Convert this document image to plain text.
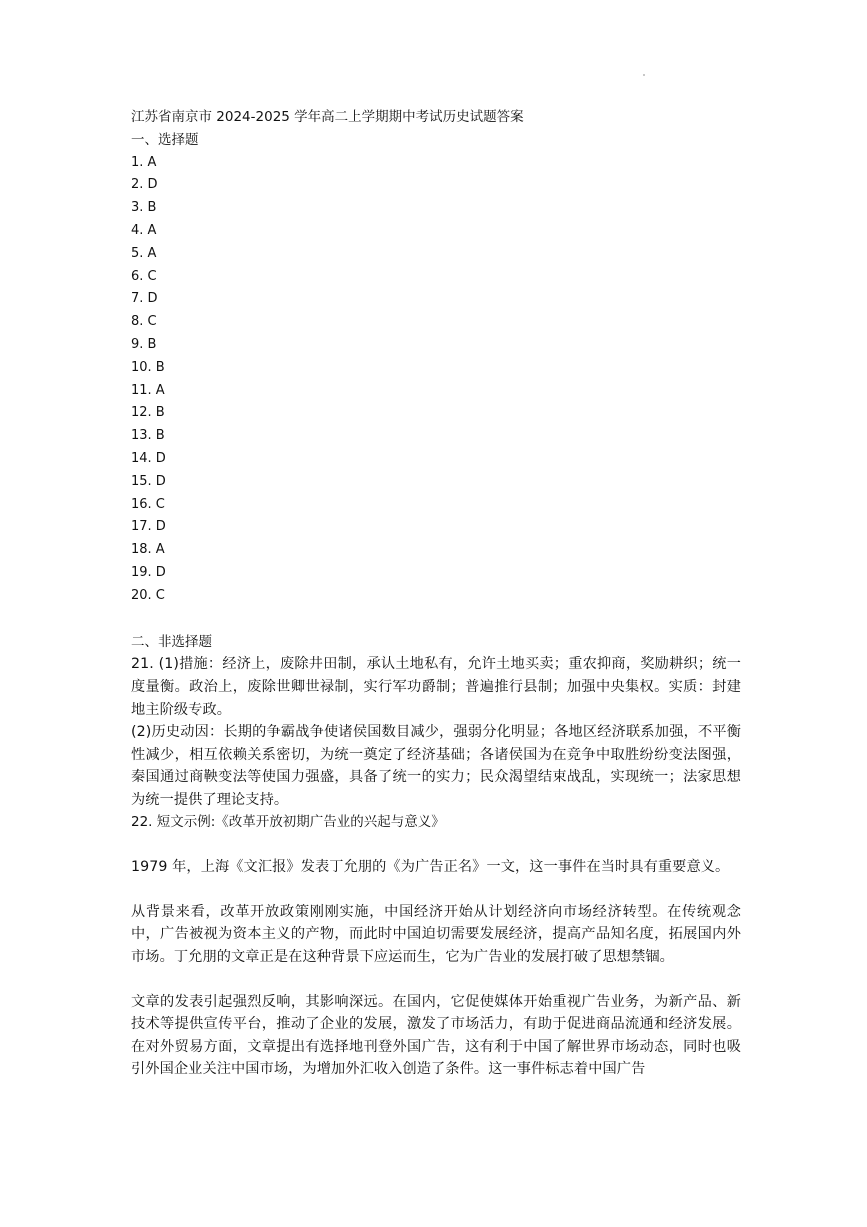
江苏省南京市 2024-2025 学年高二上学期期中考试历史试题答案
一、选择题
1. A
2. D
3. B
4. A
5. A
6. C
7. D
8. C
9. B
10. B
11. A
12. B
13. B
14. D
15. D
16. C
17. D
18. A
19. D
20. C
二、非选择题
21. (1)措施：经济上，废除井田制，承认土地私有，允许土地买卖；重农抑商，奖励耕织；统一度量衡。政治上，废除世卿世禄制，实行军功爵制；普遍推行县制；加强中央集权。实质：封建地主阶级专政。
(2)历史动因：长期的争霸战争使诸侯国数目减少，强弱分化明显；各地区经济联系加强，不平衡性减少，相互依赖关系密切，为统一奠定了经济基础；各诸侯国为在竞争中取胜纷纷变法图强，秦国通过商鞅变法等使国力强盛，具备了统一的实力；民众渴望结束战乱，实现统一；法家思想为统一提供了理论支持。
22. 短文示例:《改革开放初期广告业的兴起与意义》
1979 年，上海《文汇报》发表丁允朋的《为广告正名》一文，这一事件在当时具有重要意义。
从背景来看，改革开放政策刚刚实施，中国经济开始从计划经济向市场经济转型。在传统观念中，广告被视为资本主义的产物，而此时中国迫切需要发展经济，提高产品知名度，拓展国内外市场。丁允朋的文章正是在这种背景下应运而生，它为广告业的发展打破了思想禁锢。
文章的发表引起强烈反响，其影响深远。在国内，它促使媒体开始重视广告业务，为新产品、新技术等提供宣传平台，推动了企业的发展，激发了市场活力，有助于促进商品流通和经济发展。在对外贸易方面，文章提出有选择地刊登外国广告，这有利于中国了解世界市场动态，同时也吸引外国企业关注中国市场，为增加外汇收入创造了条件。这一事件标志着中国广告
